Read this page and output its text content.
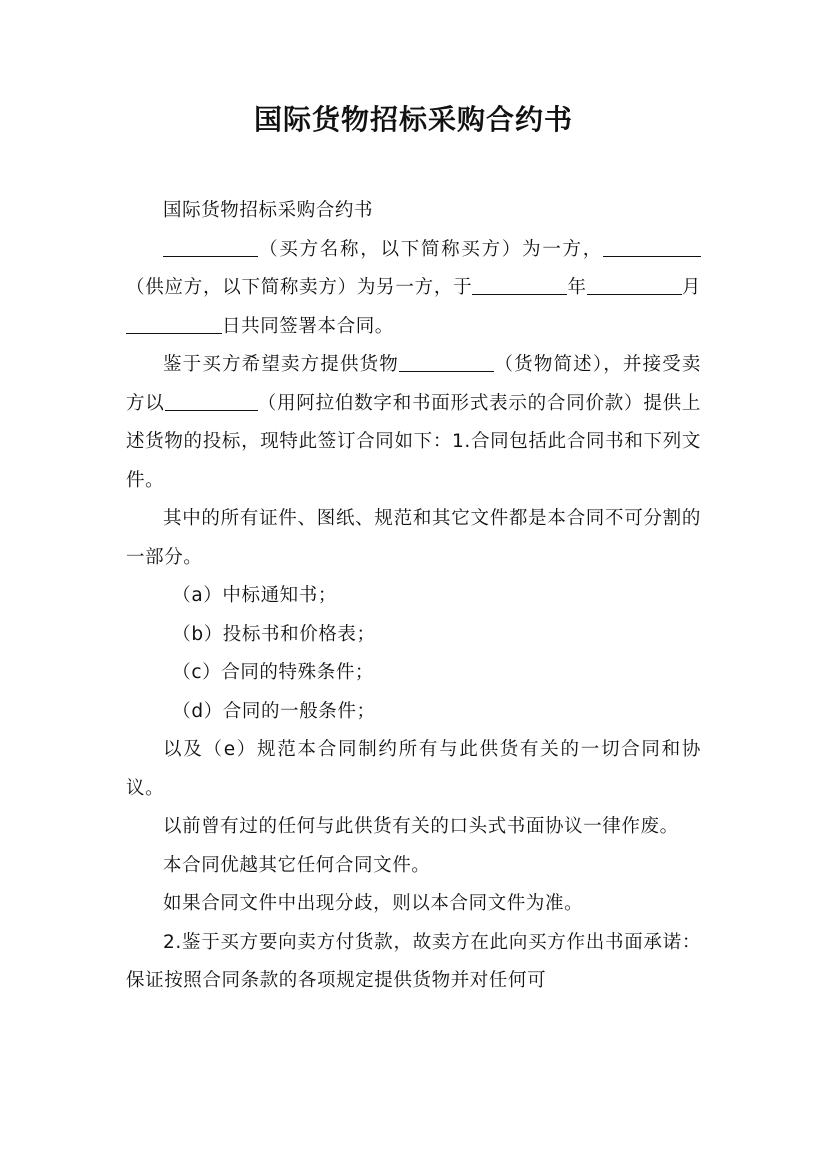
国际货物招标采购合约书

国际货物招标采购合约书

（买方名称，以下简称买方）为一方，（供应方，以下简称卖方）为另一方，于	年	月日共同签署本合同。

鉴于买方希望卖方提供货物	（货物简述），并接受卖方以	（用阿拉伯数字和书面形式表示的合同价款）提供上述货物的投标，现特此签订合同如下：1.合同包括此合同书和下列文件。

其中的所有证件、图纸、规范和其它文件都是本合同不可分割的一部分。

（a）中标通知书；

（b）投标书和价格表；

（c）合同的特殊条件；

（d）合同的一般条件；

以及（e）规范本合同制约所有与此供货有关的一切合同和协议。

以前曾有过的任何与此供货有关的口头式书面协议一律作废。

本合同优越其它任何合同文件。

如果合同文件中出现分歧，则以本合同文件为准。

2.鉴于买方要向卖方付货款，故卖方在此向买方作出书面承诺：保证按照合同条款的各项规定提供货物并对任何可
